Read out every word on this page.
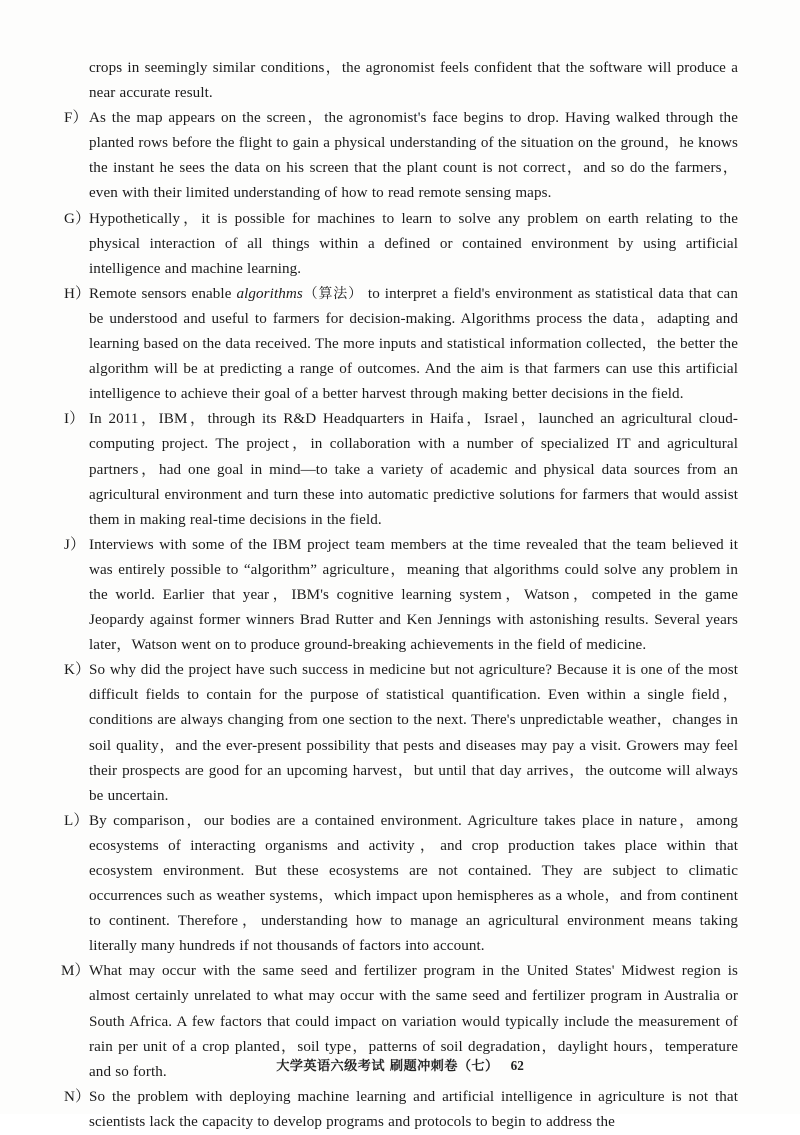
crops in seemingly similar conditions，the agronomist feels confident that the software will produce a near accurate result.
F） As the map appears on the screen，the agronomist's face begins to drop. Having walked through the planted rows before the flight to gain a physical understanding of the situation on the ground，he knows the instant he sees the data on his screen that the plant count is not correct，and so do the farmers，even with their limited understanding of how to read remote sensing maps.
G）
Hypothetically，it is possible for machines to learn to solve any problem on earth relating to the physical interaction of all things within a defined or contained environment by using artificial intelligence and machine learning.
H）
Remote sensors enable algorithms（算法） to interpret a field's environment as statistical data that can be understood and useful to farmers for decision-making. Algorithms process the data，adapting and learning based on the data received. The more inputs and statistical information collected，the better the algorithm will be at predicting a range of outcomes. And the aim is that farmers can use this artificial intelligence to achieve their goal of a better harvest through making better decisions in the field.
I） In 2011，IBM，through its R&D Headquarters in Haifa，Israel，launched an agricultural cloud-computing project. The project，in collaboration with a number of specialized IT and agricultural partners，had one goal in mind—to take a variety of academic and physical data sources from an agricultural environment and turn these into automatic predictive solutions for farmers that would assist them in making real-time decisions in the field.
J） Interviews with some of the IBM project team members at the time revealed that the team believed it was entirely possible to “algorithm” agriculture，meaning that algorithms could solve any problem in the world. Earlier that year，IBM's cognitive learning system，Watson，competed in the game Jeopardy against former winners Brad Rutter and Ken Jennings with astonishing results. Several years later，Watson went on to produce ground-breaking achievements in the field of medicine.
K）
So why did the project have such success in medicine but not agriculture? Because it is one of the most difficult fields to contain for the purpose of statistical quantification. Even within a single field，conditions are always changing from one section to the next. There's unpredictable weather，changes in soil quality，and the ever-present possibility that pests and diseases may pay a visit. Growers may feel their prospects are good for an upcoming harvest，but until that day arrives，the outcome will always be uncertain.
L） By comparison，our bodies are a contained environment. Agriculture takes place in nature，among ecosystems of interacting organisms and activity，and crop production takes place within that ecosystem environment. But these ecosystems are not contained. They are subject to climatic occurrences such as weather systems，which impact upon hemispheres as a whole，and from continent to continent. Therefore，understanding how to manage an agricultural environment means taking literally many hundreds if not thousands of factors into account.
M） What may occur with the same seed and fertilizer program in the United States' Midwest region is almost certainly unrelated to what may occur with the same seed and fertilizer program in Australia or South Africa. A few factors that could impact on variation would typically include the measurement of rain per unit of a crop planted，soil type，patterns of soil degradation，daylight hours，temperature and so forth.
N）
So the problem with deploying machine learning and artificial intelligence in agriculture is not that scientists lack the capacity to develop programs and protocols to begin to address the
大学英语六级考试 刷题冲刺卷（七） 62
